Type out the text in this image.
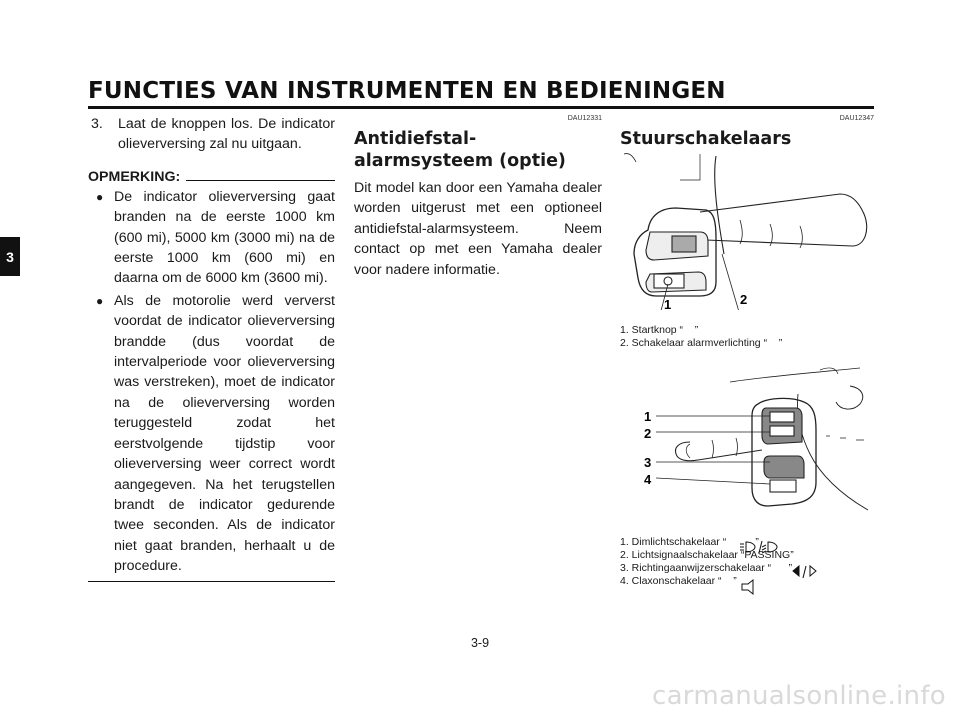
FUNCTIES VAN INSTRUMENTEN EN BEDIENINGEN
3
3.	Laat de knoppen los. De indicator olieverversing zal nu uitgaan.
OPMERKING:
● De indicator olieverversing gaat branden na de eerste 1000 km (600 mi), 5000 km (3000 mi) na de eerste 1000 km (600 mi) en daarna om de 6000 km (3600 mi).
● Als de motorolie werd ververst voordat de indicator olieverversing brandde (dus voordat de intervalperiode voor olieverversing was verstreken), moet de indicator na de olieverversing worden teruggesteld zodat het eerstvolgende tijdstip voor olieverversing weer correct wordt aangegeven. Na het terugstellen brandt de indicator gedurende twee seconden. Als de indicator niet gaat branden, herhaalt u de procedure.
DAU12331
Antidiefstal-alarmsysteem (optie)
Dit model kan door een Yamaha dealer worden uitgerust met een optioneel antidiefstal-alarmsysteem. Neem contact op met een Yamaha dealer voor nadere informatie.
DAU12347
Stuurschakelaars
1	2
1. Startknop “    ”
2. Schakelaar alarmverlichting “    ”
1
2
3
4
1. Dimlichtschakelaar “          ”
2. Lichtsignaalschakelaar “PASSING”
3. Richtingaanwijzerschakelaar “      ”
4. Claxonschakelaar “    ”
3-9
carmanualsonline.info
